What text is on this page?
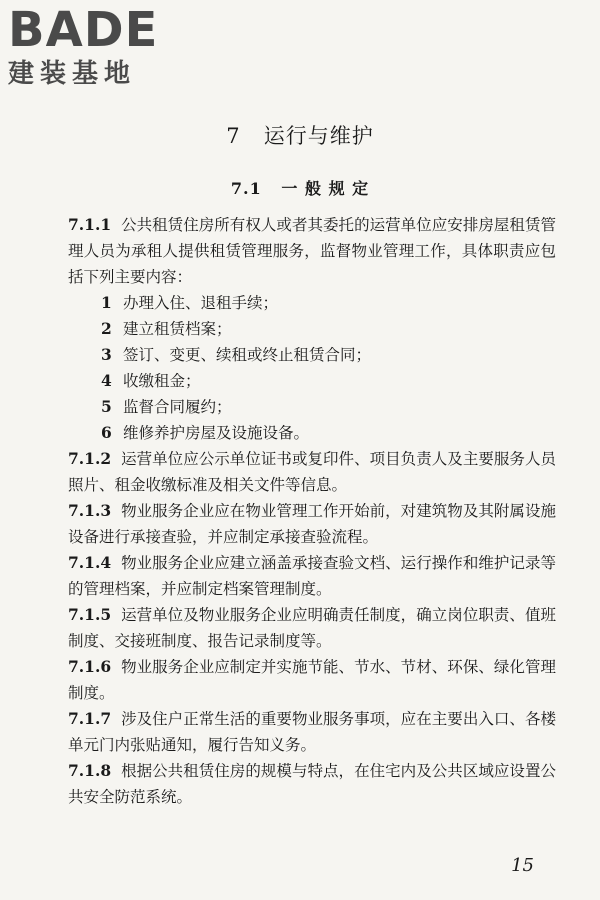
BADE
建装基地
7 运行与维护
7.1 一 般 规 定

7.1.1 公共租赁住房所有权人或者其委托的运营单位应安排房屋租赁管理人员为承租人提供租赁管理服务，监督物业管理工作，具体职责应包括下列主要内容：

1 办理入住、退租手续；

2 建立租赁档案；

3 签订、变更、续租或终止租赁合同；

4 收缴租金；

5 监督合同履约；

6 维修养护房屋及设施设备。

7.1.2 运营单位应公示单位证书或复印件、项目负责人及主要服务人员照片、租金收缴标准及相关文件等信息。

7.1.3 物业服务企业应在物业管理工作开始前，对建筑物及其附属设施设备进行承接查验，并应制定承接查验流程。

7.1.4 物业服务企业应建立涵盖承接查验文档、运行操作和维护记录等的管理档案，并应制定档案管理制度。

7.1.5 运营单位及物业服务企业应明确责任制度，确立岗位职责、值班制度、交接班制度、报告记录制度等。

7.1.6 物业服务企业应制定并实施节能、节水、节材、环保、绿化管理制度。

7.1.7 涉及住户正常生活的重要物业服务事项，应在主要出入口、各楼单元门内张贴通知，履行告知义务。

7.1.8 根据公共租赁住房的规模与特点，在住宅内及公共区域应设置公共安全防范系统。

15
